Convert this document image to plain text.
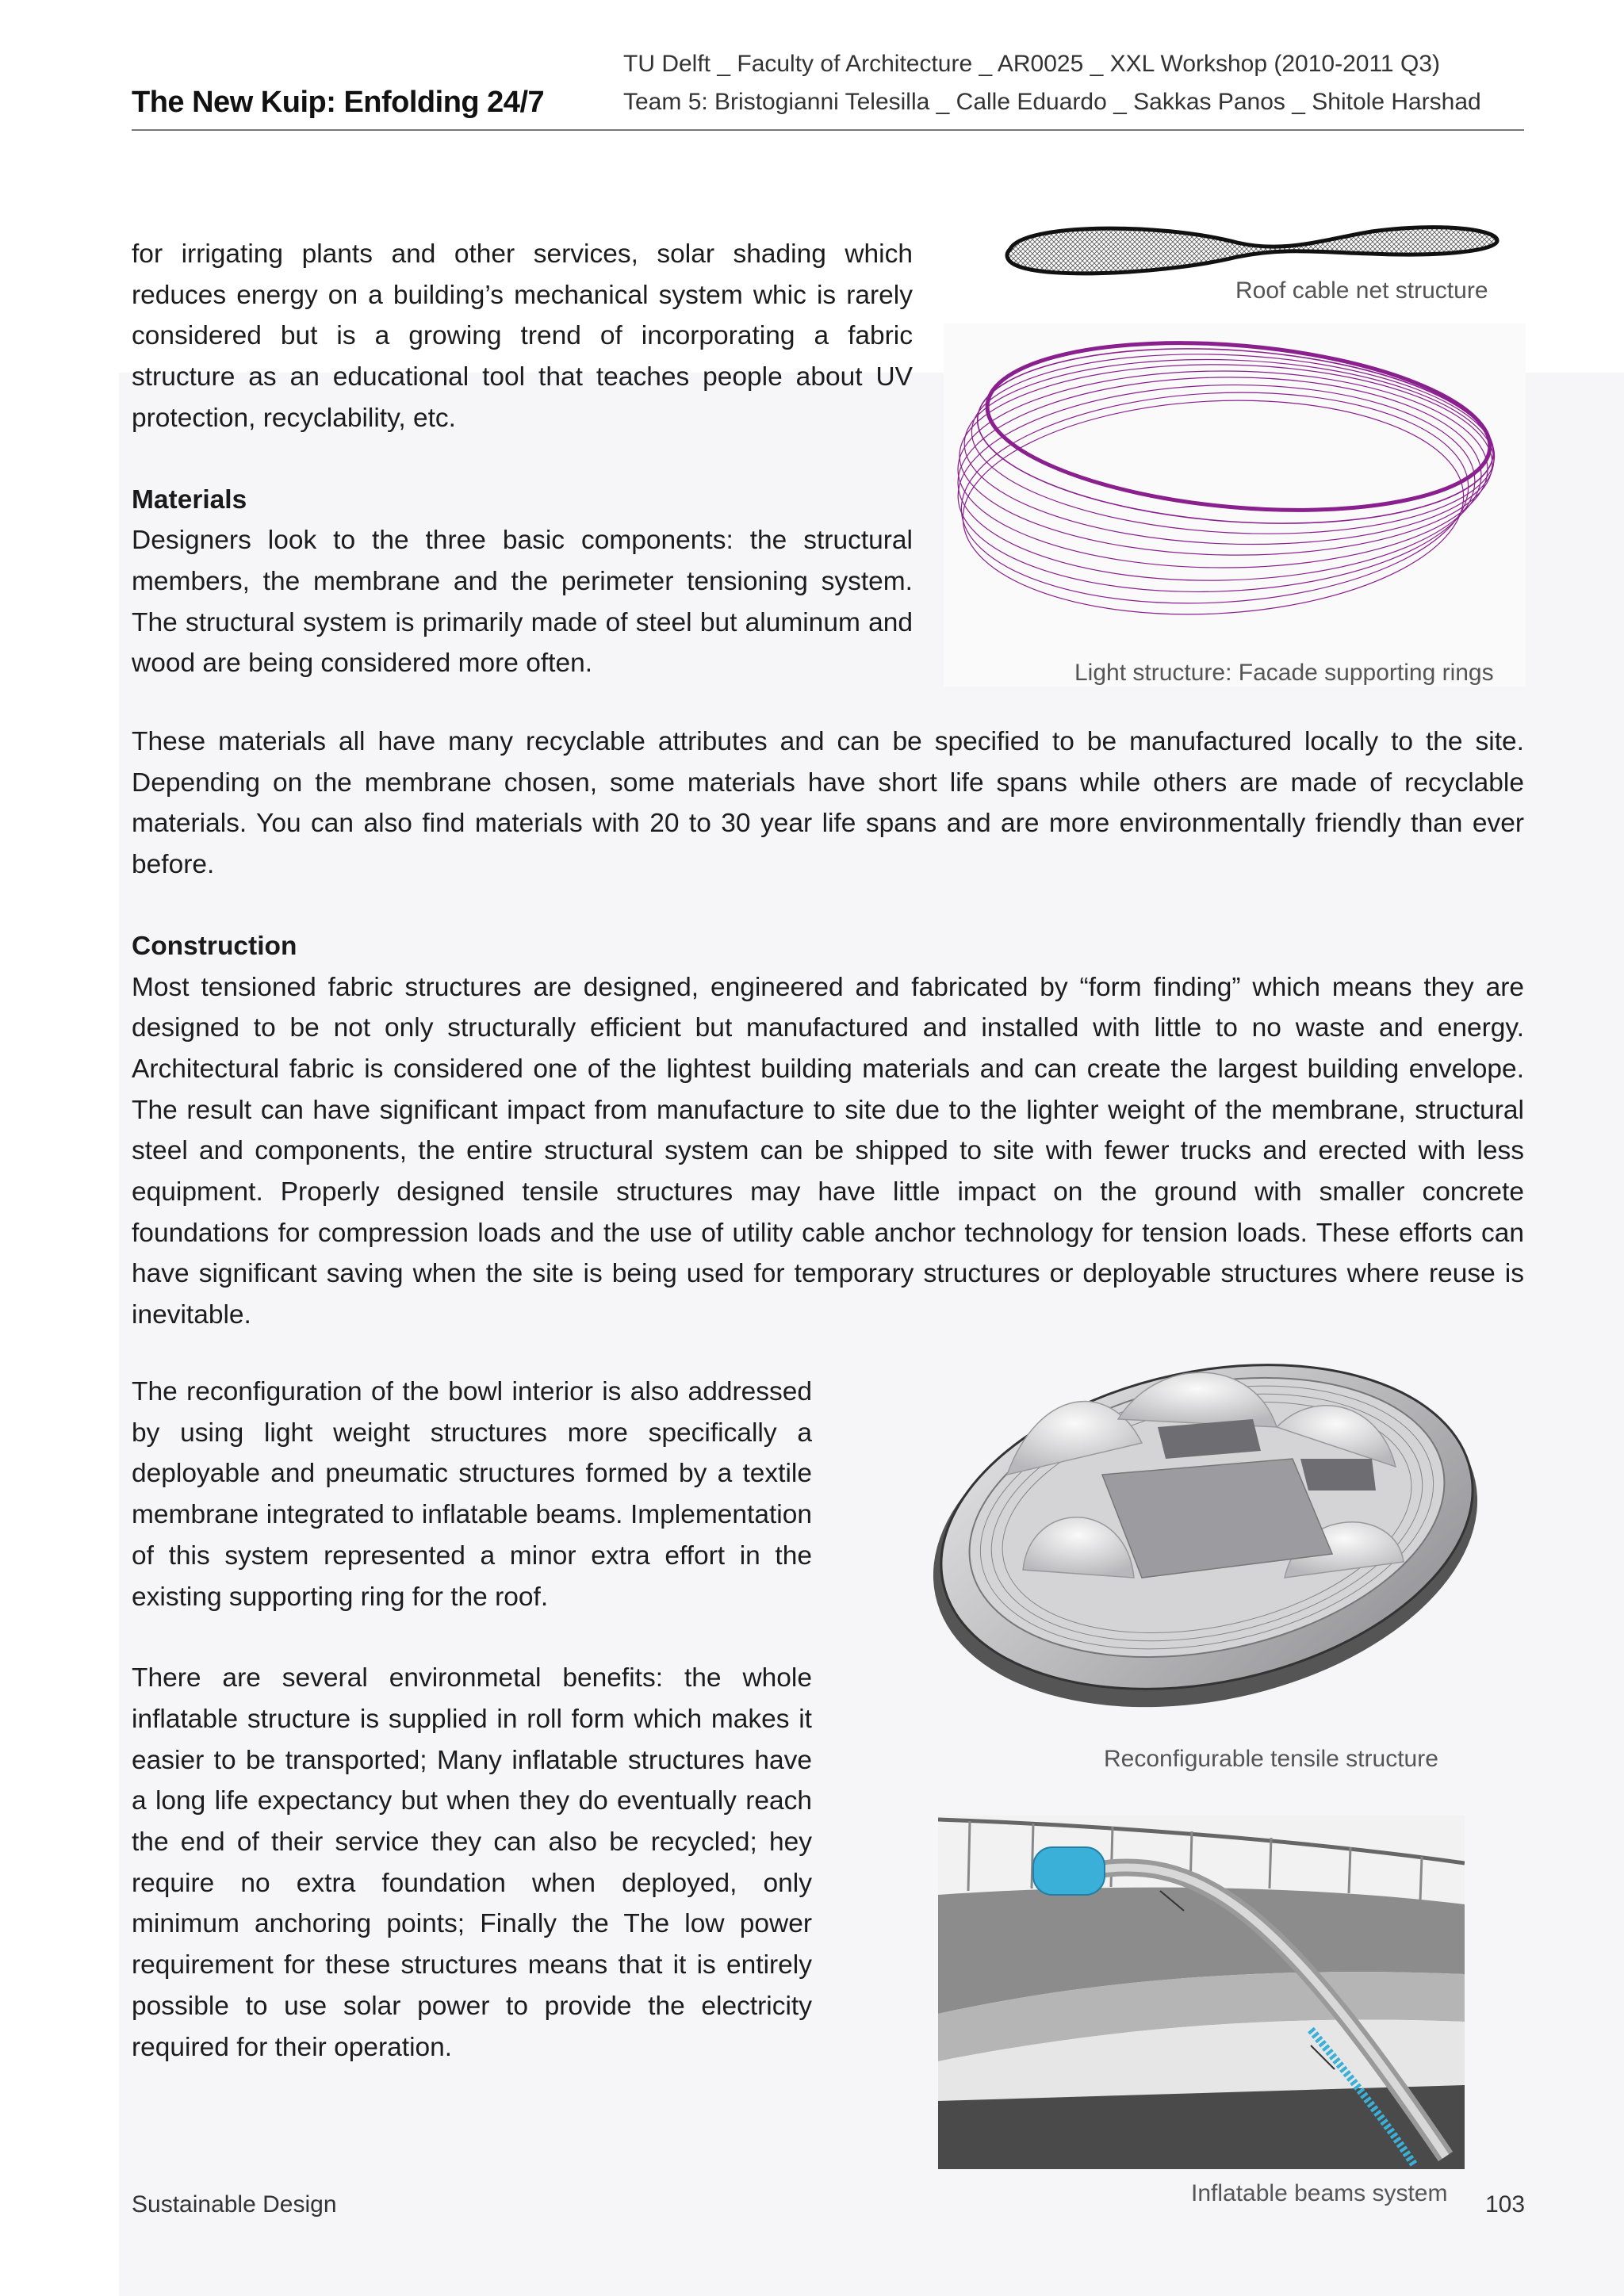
TU Delft _ Faculty of Architecture _ AR0025 _ XXL Workshop (2010-2011 Q3)
The New Kuip: Enfolding 24/7	Team 5: Bristogianni Telesilla _ Calle Eduardo _ Sakkas Panos _ Shitole Harshad

for irrigating plants and other services, solar shading which reduces energy on a building’s mechanical system whic is rarely considered but is a growing trend of incorporating a fabric structure as an educational tool that teaches people about UV protection, recyclability, etc.

Materials

Designers look to the three basic components: the structural members, the membrane and the perimeter tensioning system. The structural system is primarily made of steel but aluminum and wood are being considered more often.

Roof cable net structure
Light structure: Facade supporting rings

These materials all have many recyclable attributes and can be specified to be manufactured locally to the site. Depending on the membrane chosen, some materials have short life spans while others are made of recyclable materials. You can also find materials with 20 to 30 year life spans and are more environmentally friendly than ever before.

Construction

Most tensioned fabric structures are designed, engineered and fabricated by “form finding” which means they are designed to be not only structurally efficient but manufactured and installed with little to no waste and energy. Architectural fabric is considered one of the lightest building materials and can create the largest building envelope. The result can have significant impact from manufacture to site due to the lighter weight of the membrane, structural steel and components, the entire structural system can be shipped to site with fewer trucks and erected with less equipment. Properly designed tensile structures may have little impact on the ground with smaller concrete foundations for compression loads and the use of utility cable anchor technology for tension loads. These efforts can have significant saving when the site is being used for temporary structures or deployable structures where reuse is inevitable.

The reconfiguration of the bowl interior is also addressed by using light weight structures more specifically a deployable and pneumatic structures formed by a textile membrane integrated to inflatable beams. Implementation of this system represented a minor extra effort in the existing supporting ring for the roof.

There are several environmetal benefits: the whole inflatable structure is supplied in roll form which makes it easier to be transported; Many inflatable structures have a long life expectancy but when they do eventually reach the end of their service they can also be recycled; hey require no extra foundation when deployed, only minimum anchoring points; Finally the The low power requirement for these structures means that it is entirely possible to use solar power to provide the electricity required for their operation.

Reconfigurable tensile structure
Inflatable beams system
Sustainable Design	103
